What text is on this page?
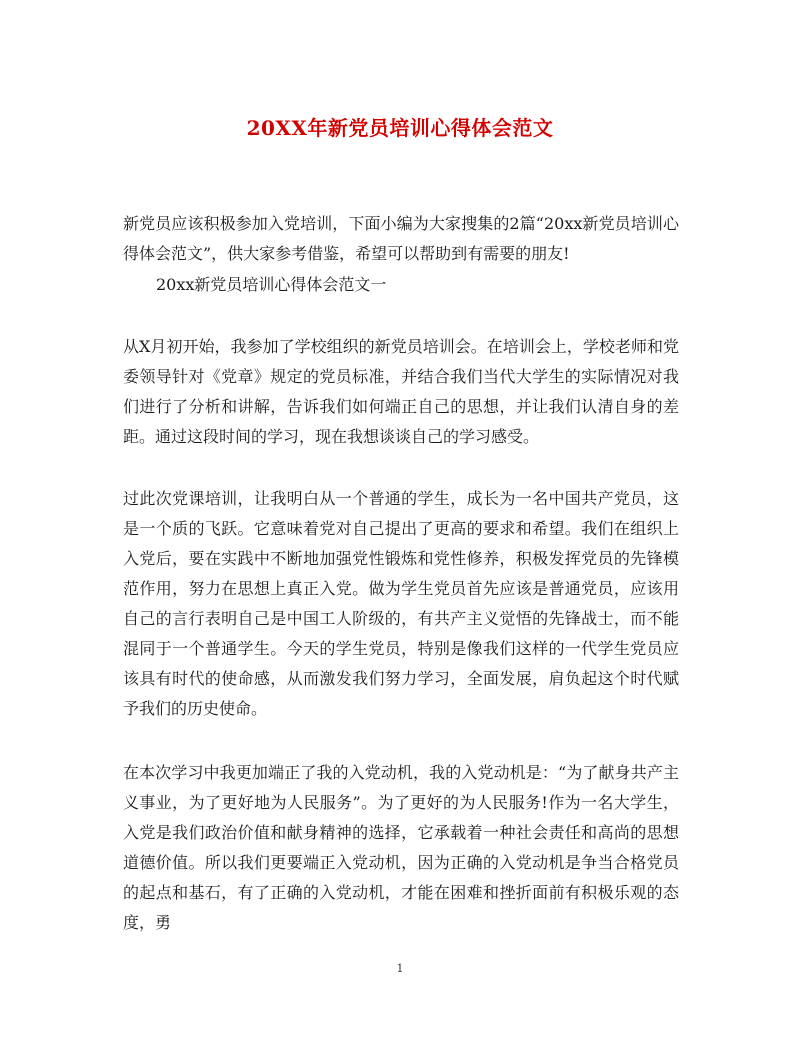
20XX年新党员培训心得体会范文

新党员应该积极参加入党培训，下面小编为大家搜集的2篇“20xx新党员培训心得体会范文”，供大家参考借鉴，希望可以帮助到有需要的朋友!

20xx新党员培训心得体会范文一

从X月初开始，我参加了学校组织的新党员培训会。在培训会上，学校老师和党委领导针对《党章》规定的党员标准，并结合我们当代大学生的实际情况对我们进行了分析和讲解，告诉我们如何端正自己的思想，并让我们认清自身的差距。通过这段时间的学习，现在我想谈谈自己的学习感受。

过此次党课培训，让我明白从一个普通的学生，成长为一名中国共产党员，这是一个质的飞跃。它意味着党对自己提出了更高的要求和希望。我们在组织上入党后，要在实践中不断地加强党性锻炼和党性修养，积极发挥党员的先锋模范作用，努力在思想上真正入党。做为学生党员首先应该是普通党员，应该用自己的言行表明自己是中国工人阶级的，有共产主义觉悟的先锋战士，而不能混同于一个普通学生。今天的学生党员，特别是像我们这样的一代学生党员应该具有时代的使命感，从而激发我们努力学习，全面发展，肩负起这个时代赋予我们的历史使命。

在本次学习中我更加端正了我的入党动机，我的入党动机是：“为了献身共产主义事业，为了更好地为人民服务”。为了更好的为人民服务!作为一名大学生，入党是我们政治价值和献身精神的选择，它承载着一种社会责任和高尚的思想道德价值。所以我们更要端正入党动机，因为正确的入党动机是争当合格党员的起点和基石，有了正确的入党动机，才能在困难和挫折面前有积极乐观的态度，勇

1
